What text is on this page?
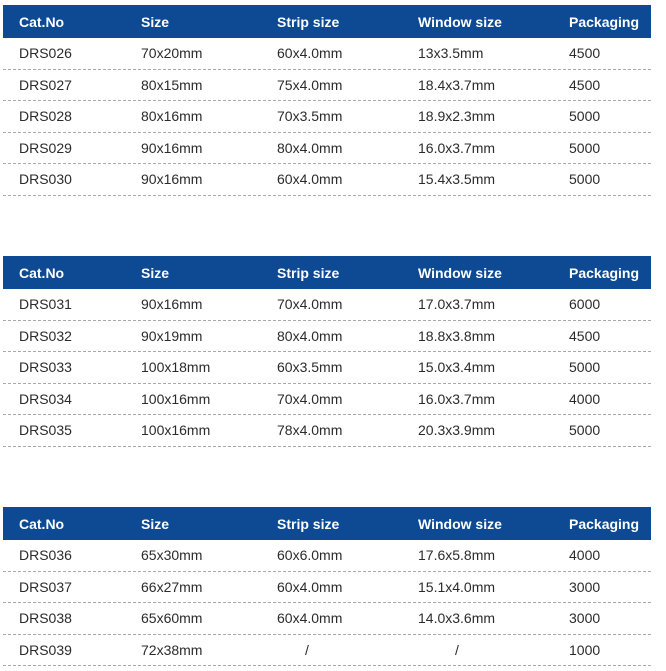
Cat.No	Size	Strip size	Window size	Packaging
DRS026	70x20mm	60x4.0mm	13x3.5mm	4500
DRS027	80x15mm	75x4.0mm	18.4x3.7mm	4500
DRS028	80x16mm	70x3.5mm	18.9x2.3mm	5000
DRS029	90x16mm	80x4.0mm	16.0x3.7mm	5000
DRS030	90x16mm	60x4.0mm	15.4x3.5mm	5000
Cat.No	Size	Strip size	Window size	Packaging
DRS031	90x16mm	70x4.0mm	17.0x3.7mm	6000
DRS032	90x19mm	80x4.0mm	18.8x3.8mm	4500
DRS033	100x18mm	60x3.5mm	15.0x3.4mm	5000
DRS034	100x16mm	70x4.0mm	16.0x3.7mm	4000
DRS035	100x16mm	78x4.0mm	20.3x3.9mm	5000
Cat.No	Size	Strip size	Window size	Packaging
DRS036	65x30mm	60x6.0mm	17.6x5.8mm	4000
DRS037	66x27mm	60x4.0mm	15.1x4.0mm	3000
DRS038	65x60mm	60x4.0mm	14.0x3.6mm	3000
DRS039	72x38mm	/	/	1000
